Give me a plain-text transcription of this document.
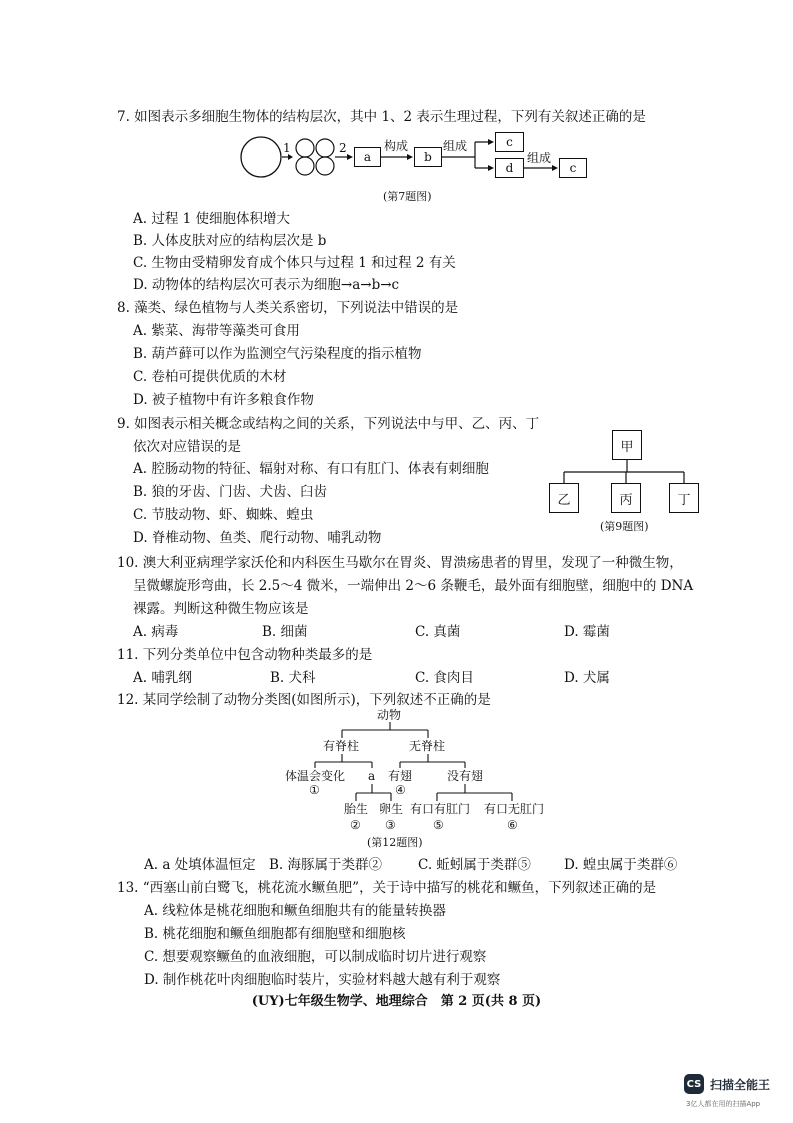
7. 如图表示多细胞生物体的结构层次，其中 1、2 表示生理过程，下列有关叙述正确的是
1	2
a
构成
b
组成	c
d
组成
c
(第7题图)
A. 过程 1 使细胞体积增大
B. 人体皮肤对应的结构层次是 b
C. 生物由受精卵发育成个体只与过程 1 和过程 2 有关
D. 动物体的结构层次可表示为细胞→a→b→c
8. 藻类、绿色植物与人类关系密切，下列说法中错误的是
A. 紫菜、海带等藻类可食用
B. 葫芦藓可以作为监测空气污染程度的指示植物
C. 卷柏可提供优质的木材
D. 被子植物中有许多粮食作物
9. 如图表示相关概念或结构之间的关系，下列说法中与甲、乙、丙、丁
依次对应错误的是
A. 腔肠动物的特征、辐射对称、有口有肛门、体表有刺细胞
B. 狼的牙齿、门齿、犬齿、臼齿
C. 节肢动物、虾、蜘蛛、蝗虫
D. 脊椎动物、鱼类、爬行动物、哺乳动物
甲
乙	丙	丁
(第9题图)
10. 澳大利亚病理学家沃伦和内科医生马歇尔在胃炎、胃溃疡患者的胃里，发现了一种微生物，
呈微螺旋形弯曲，长 2.5～4 微米，一端伸出 2～6 条鞭毛，最外面有细胞壁，细胞中的 DNA
裸露。判断这种微生物应该是
A. 病毒	B. 细菌	C. 真菌	D. 霉菌
11. 下列分类单位中包含动物种类最多的是
A. 哺乳纲	B. 犬科	C. 食肉目	D. 犬属
12. 某同学绘制了动物分类图(如图所示)，下列叙述不正确的是
动物
有脊柱	无脊柱
体温会变化
①
a 有翅
④
没有翅
胎生
②
卵生
③
有口有肛门
⑤
有口无肛门
⑥
(第12题图)
A. a 处填体温恒定 B. 海豚属于类群②	C. 蚯蚓属于类群⑤ D. 蝗虫属于类群⑥
13. “西塞山前白鹭飞，桃花流水鳜鱼肥”，关于诗中描写的桃花和鳜鱼，下列叙述正确的是
A. 线粒体是桃花细胞和鳜鱼细胞共有的能量转换器
B. 桃花细胞和鳜鱼细胞都有细胞壁和细胞核
C. 想要观察鳜鱼的血液细胞，可以制成临时切片进行观察
D. 制作桃花叶肉细胞临时装片，实验材料越大越有利于观察
(UY)七年级生物学、地理综合　第 2 页(共 8 页)
CS 扫描全能王
3亿人都在用的扫描App
